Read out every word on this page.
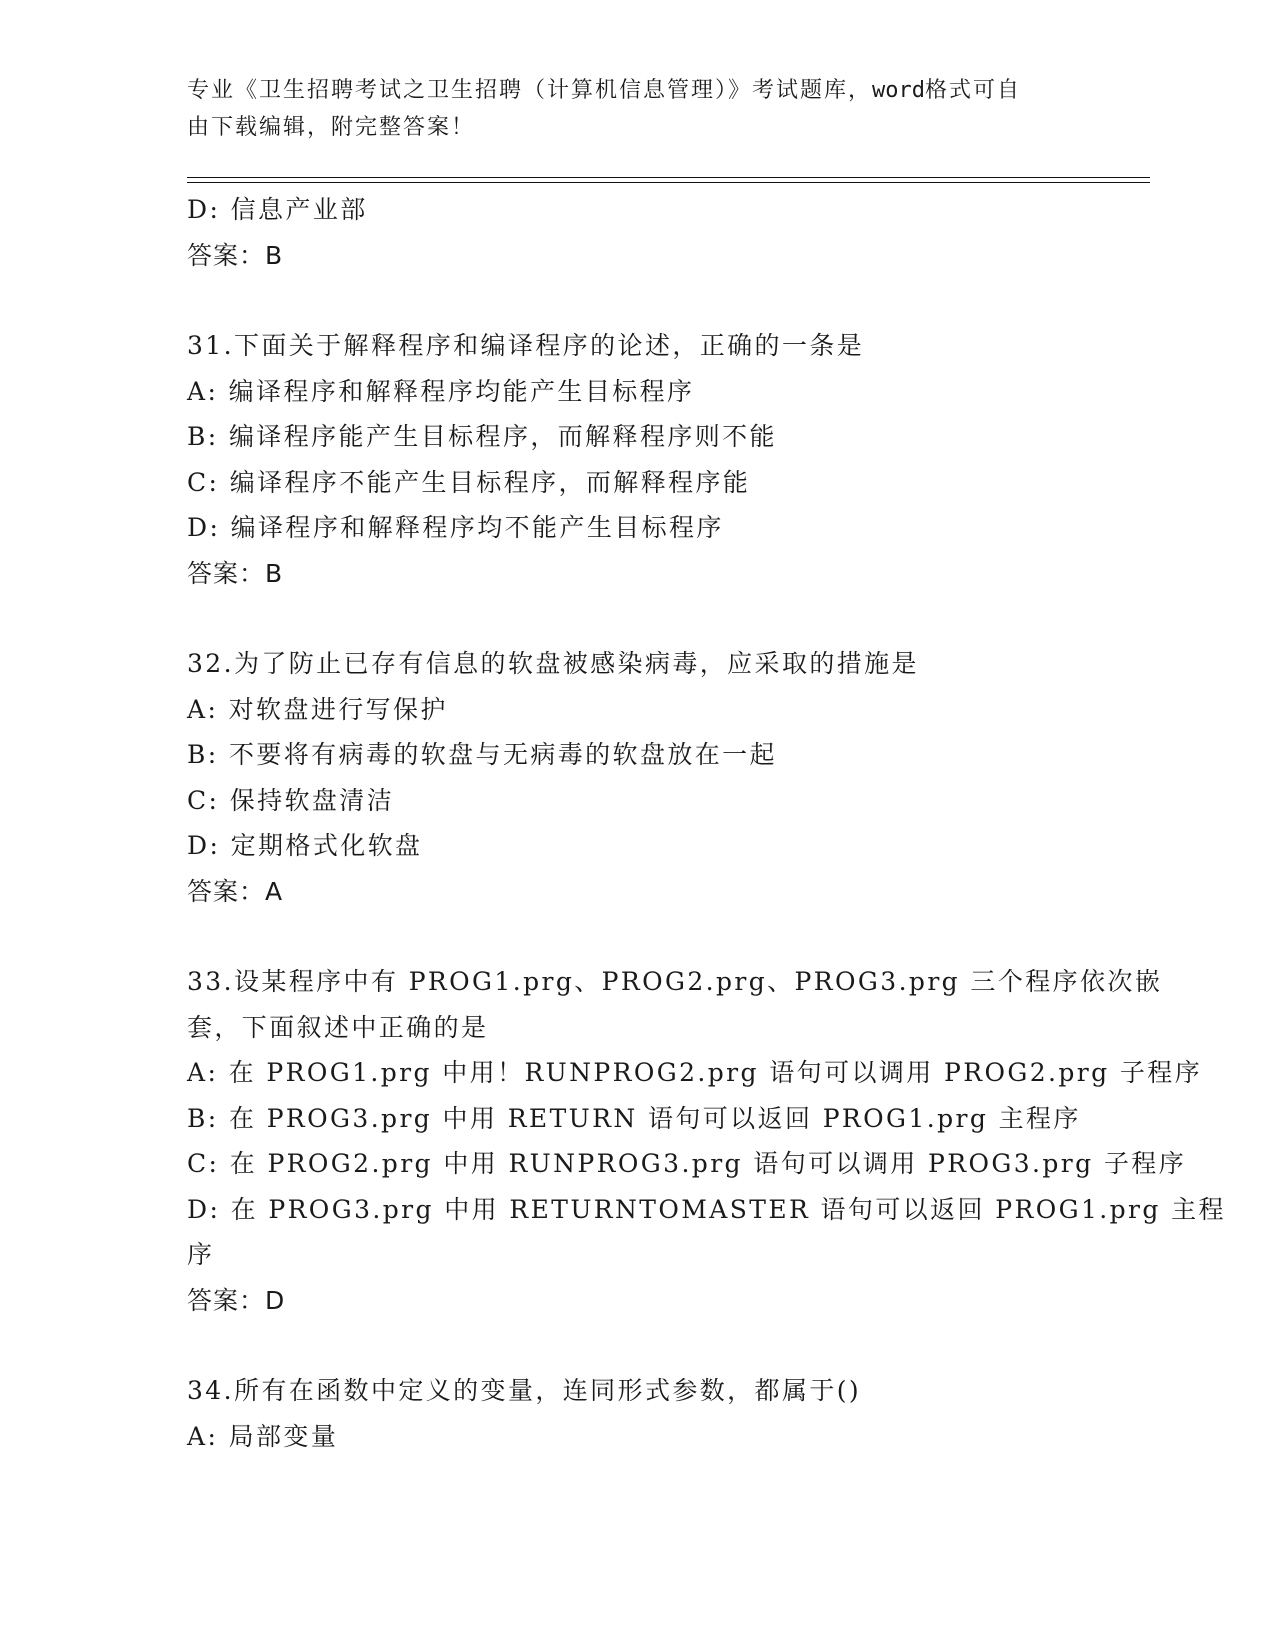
专业《卫生招聘考试之卫生招聘（计算机信息管理）》考试题库，word格式可自
由下载编辑，附完整答案！
D: 信息产业部
答案：B
31.下面关于解释程序和编译程序的论述，正确的一条是
A: 编译程序和解释程序均能产生目标程序
B: 编译程序能产生目标程序，而解释程序则不能
C: 编译程序不能产生目标程序，而解释程序能
D: 编译程序和解释程序均不能产生目标程序
答案：B
32.为了防止已存有信息的软盘被感染病毒，应采取的措施是
A: 对软盘进行写保护
B: 不要将有病毒的软盘与无病毒的软盘放在一起
C: 保持软盘清洁
D: 定期格式化软盘
答案：A
33.设某程序中有 PROG1.prg、PROG2.prg、PROG3.prg 三个程序依次嵌
套，下面叙述中正确的是
A: 在 PROG1.prg 中用！RUNPROG2.prg 语句可以调用 PROG2.prg 子程序
B: 在 PROG3.prg 中用 RETURN 语句可以返回 PROG1.prg 主程序
C: 在 PROG2.prg 中用 RUNPROG3.prg 语句可以调用 PROG3.prg 子程序
D: 在 PROG3.prg 中用 RETURNTOMASTER 语句可以返回 PROG1.prg 主程
序
答案：D
34.所有在函数中定义的变量，连同形式参数，都属于()
A: 局部变量
